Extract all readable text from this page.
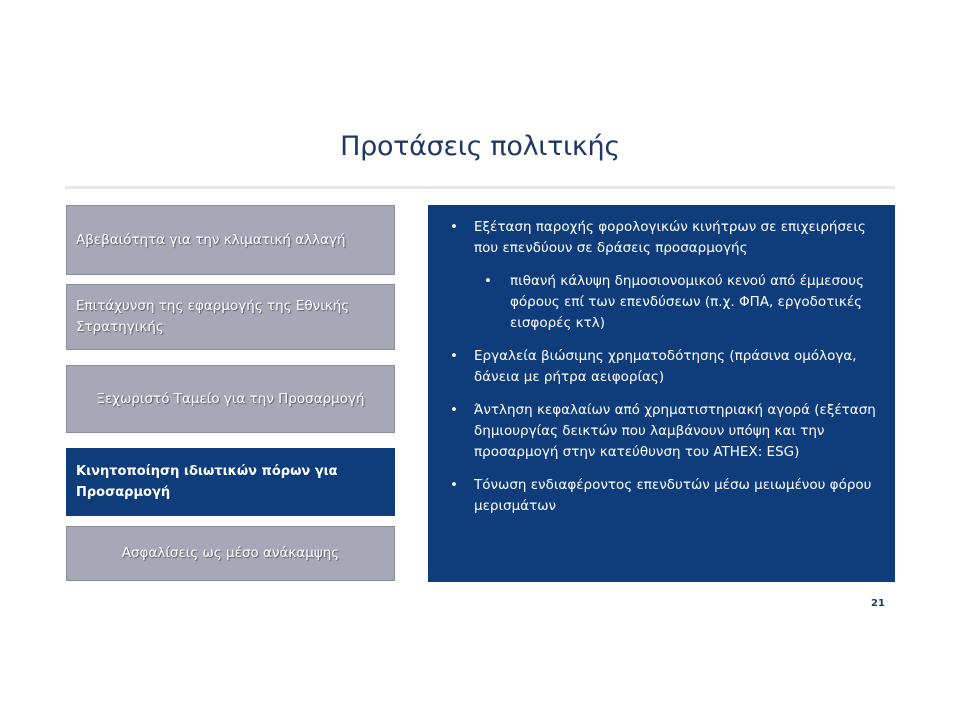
Προτάσεις πολιτικής
Αβεβαιότητα για την κλιματική αλλαγή
Επιτάχυνση της εφαρμογής της Εθνικής Στρατηγικής
Ξεχωριστό Ταμείο για την Προσαρμογή
Κινητοποίηση ιδιωτικών πόρων για Προσαρμογή
Ασφαλίσεις ως μέσο ανάκαμψης
• Εξέταση παροχής φορολογικών κινήτρων σε επιχειρήσεις που επενδύουν σε δράσεις προσαρμογής
• πιθανή κάλυψη δημοσιονομικού κενού από έμμεσους φόρους επί των επενδύσεων (π.χ. ΦΠΑ, εργοδοτικές εισφορές κτλ)
• Εργαλεία βιώσιμης χρηματοδότησης (πράσινα ομόλογα, δάνεια με ρήτρα αειφορίας)
• Άντληση κεφαλαίων από χρηματιστηριακή αγορά (εξέταση δημιουργίας δεικτών που λαμβάνουν υπόψη και την προσαρμογή στην κατεύθυνση του ATHEX: ESG)
• Τόνωση ενδιαφέροντος επενδυτών μέσω μειωμένου φόρου μερισμάτων
21
